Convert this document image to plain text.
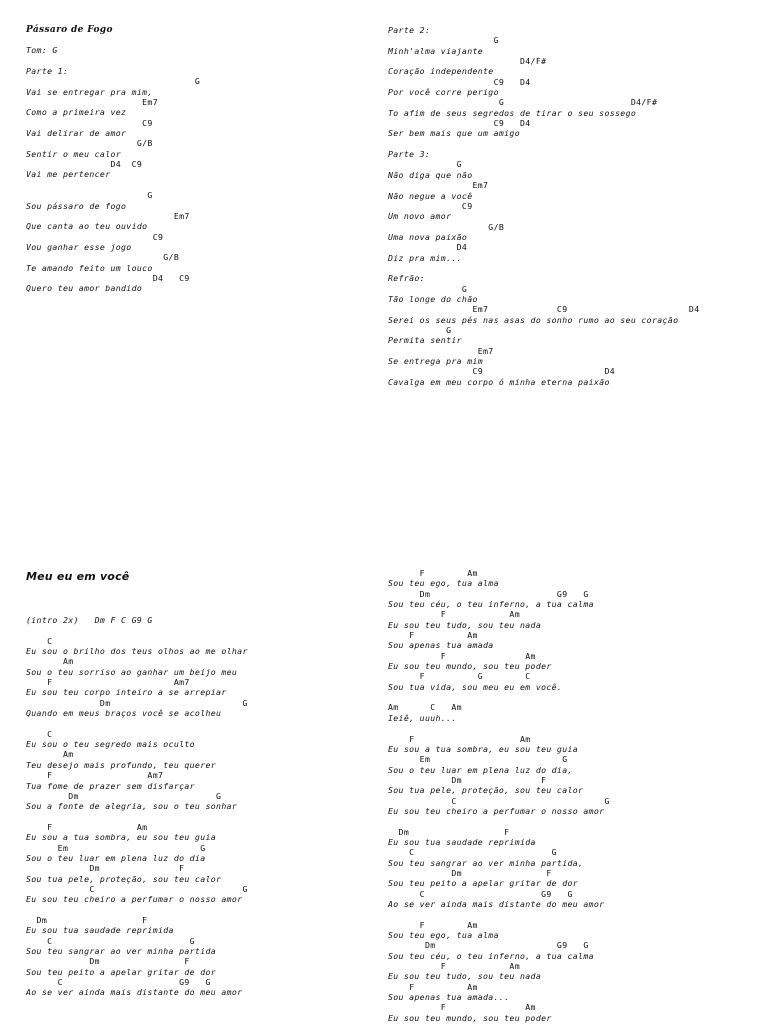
Pássaro de Fogo

Tom: G

Parte 1:
G
Vai se entregar pra mim,
Em7
Como a primeira vez
C9
Vai delirar de amor
G/B
Sentir o meu calor
D4  C9
Vai me pertencer

G
Sou pássaro de fogo
Em7
Que canta ao teu ouvido
C9
Vou ganhar esse jogo
G/B
Te amando feito um louco
D4   C9
Quero teu amor bandido
Parte 2:
G
Minh'alma viajante
D4/F#
Coração independente
C9   D4
Por você corre perigo
G                        D4/F#
To afim de seus segredos de tirar o seu sossego
C9   D4
Ser bem mais que um amigo

Parte 3:
G
Não diga que não
Em7
Não negue a você
C9
Um novo amor
G/B
Uma nova paixão
D4
Diz pra mim...

Refrão:
G
Tão longe do chão
Em7             C9                       D4
Serei os seus pés nas asas do sonho rumo ao seu coração
G
Permita sentir
Em7
Se entrega pra mim
C9                       D4
Cavalga em meu corpo ó minha eterna paixão
Meu eu em você

(intro 2x)   Dm F C G9 G

C
Eu sou o brilho dos teus olhos ao me olhar
Am
Sou o teu sorriso ao ganhar um beijo meu
F                       Am7
Eu sou teu corpo inteiro a se arrepiar
Dm                         G
Quando em meus braços você se acolheu

C
Eu sou o teu segredo mais oculto
Am
Teu desejo mais profundo, teu querer
F                  Am7
Tua fome de prazer sem disfarçar
Dm                          G
Sou a fonte de alegria, sou o teu sonhar

F                Am
Eu sou a tua sombra, eu sou teu guia
Em                         G
Sou o teu luar em plena luz do dia
Dm               F
Sou tua pele, proteção, sou teu calor
C                            G
Eu sou teu cheiro a perfumar o nosso amor

Dm                  F
Eu sou tua saudade reprimida
C                          G
Sou teu sangrar ao ver minha partida
Dm                F
Sou teu peito a apelar gritar de dor
C                      G9   G
Ao se ver ainda mais distante do meu amor
F        Am
Sou teu ego, tua alma
Dm                        G9   G
Sou teu céu, o teu inferno, a tua calma
F            Am
Eu sou teu tudo, sou teu nada
F          Am
Sou apenas tua amada
F               Am
Eu sou teu mundo, sou teu poder
F          G        C
Sou tua vida, sou meu eu em você.

Am      C   Am
Ieiê, uuuh...

F                    Am
Eu sou a tua sombra, eu sou teu guia
Em                         G
Sou o teu luar em plena luz do dia,
Dm               F
Sou tua pele, proteção, sou teu calor
C                            G
Eu sou teu cheiro a perfumar o nosso amor

Dm                  F
Eu sou tua saudade reprimida
C                          G
Sou teu sangrar ao ver minha partida,
Dm                F
Sou teu peito a apelar gritar de dor
C                      G9   G
Ao se ver ainda mais distante do meu amor

F        Am
Sou teu ego, tua alma
Dm                       G9   G
Sou teu céu, o teu inferno, a tua calma
F            Am
Eu sou teu tudo, sou teu nada
F          Am
Sou apenas tua amada...
F               Am
Eu sou teu mundo, sou teu poder
